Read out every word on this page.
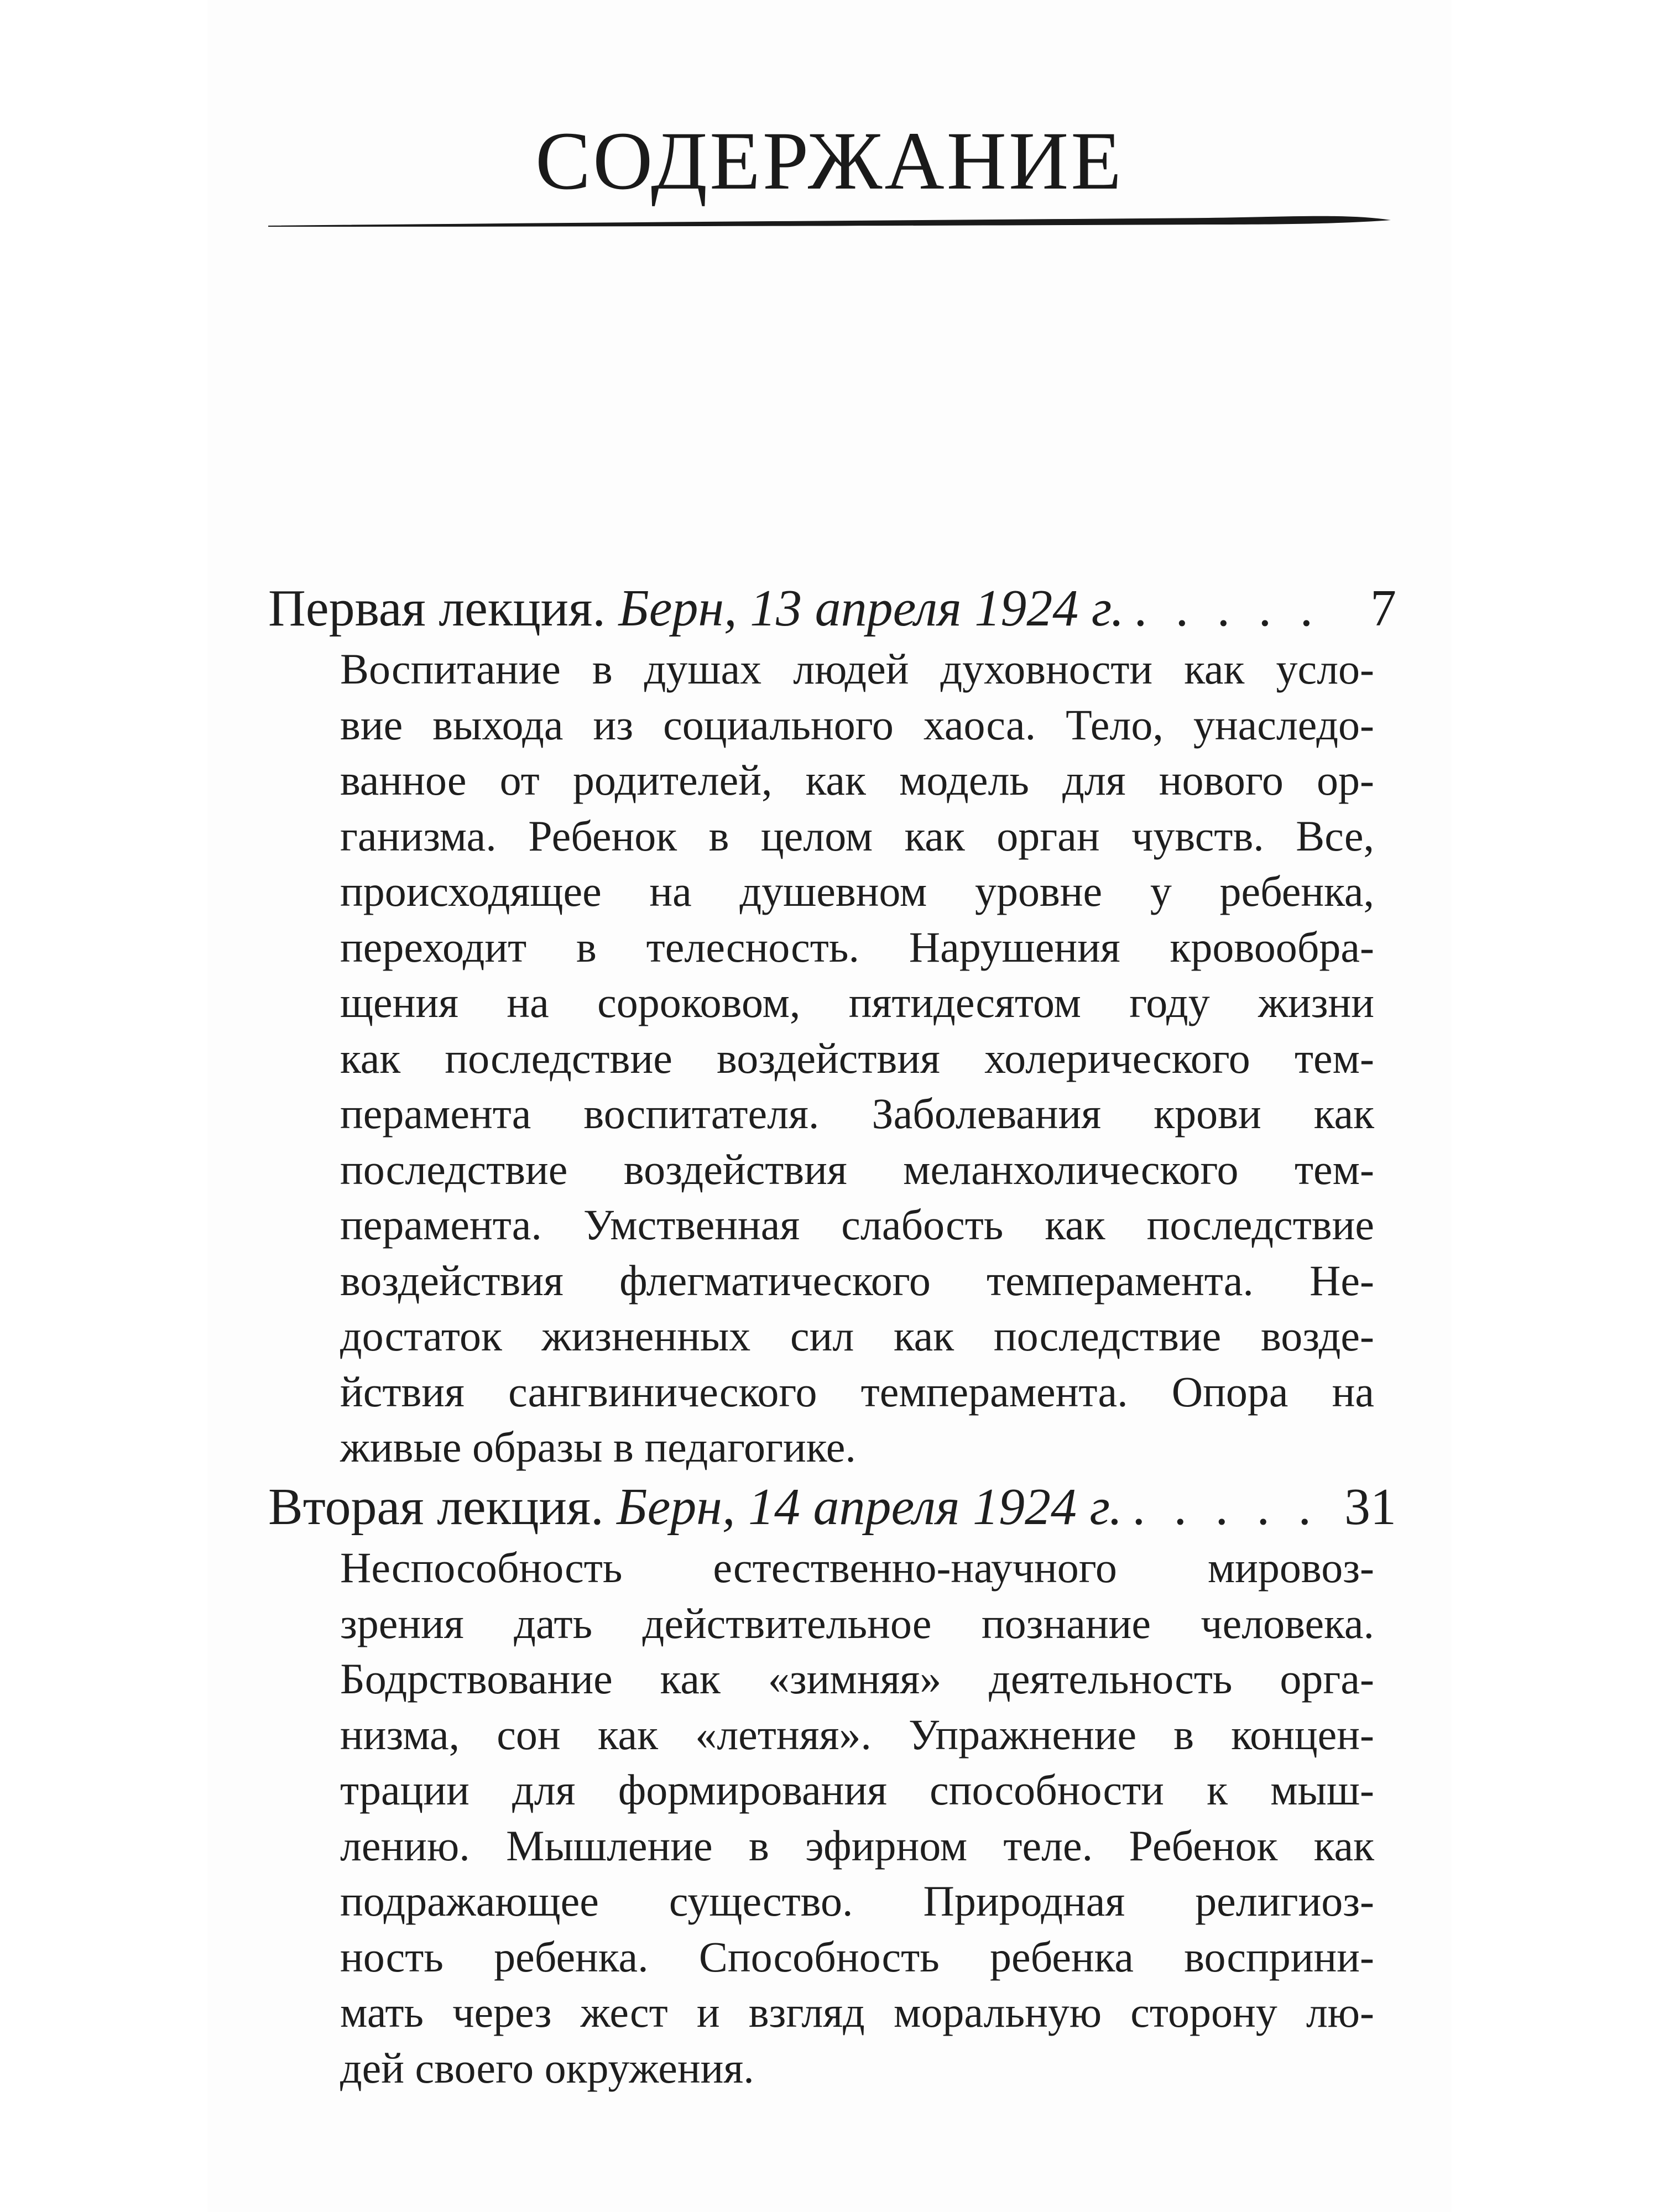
СОДЕРЖАНИЕ
Первая лекция.
Берн, 13 апреля 1924 г. . . .	7
Воспитание в душах людей духовности как усло-
вие выхода из социального хаоса. Тело, унаследо-
ванное от родителей, как модель для нового ор-
ганизма. Ребенок в целом как орган чувств. Все,
происходящее на душевном уровне у ребенка,
переходит в телесность. Нарушения кровообра-
щения на сороковом, пятидесятом году жизни
как последствие воздействия холерического тем-
перамента воспитателя. Заболевания крови как
последствие воздействия меланхолического тем-
перамента. Умственная слабость как последствие
воздействия флегматического темперамента. Не-
достаток жизненных сил как последствие возде-
йствия сангвинического темперамента. Опора на
живые образы в педагогике.
Вторая лекция.
Берн, 14 апреля 1924 г. . . .	31
Неспособность естественно-научного мировоз-
зрения дать действительное познание человека.
Бодрствование как «зимняя» деятельность орга-
низма, сон как «летняя». Упражнение в концен-
трации для формирования способности к мыш-
лению. Мышление в эфирном теле. Ребенок как
подражающее существо. Природная религиоз-
ность ребенка. Способность ребенка восприни-
мать через жест и взгляд моральную сторону лю-
дей своего окружения.
